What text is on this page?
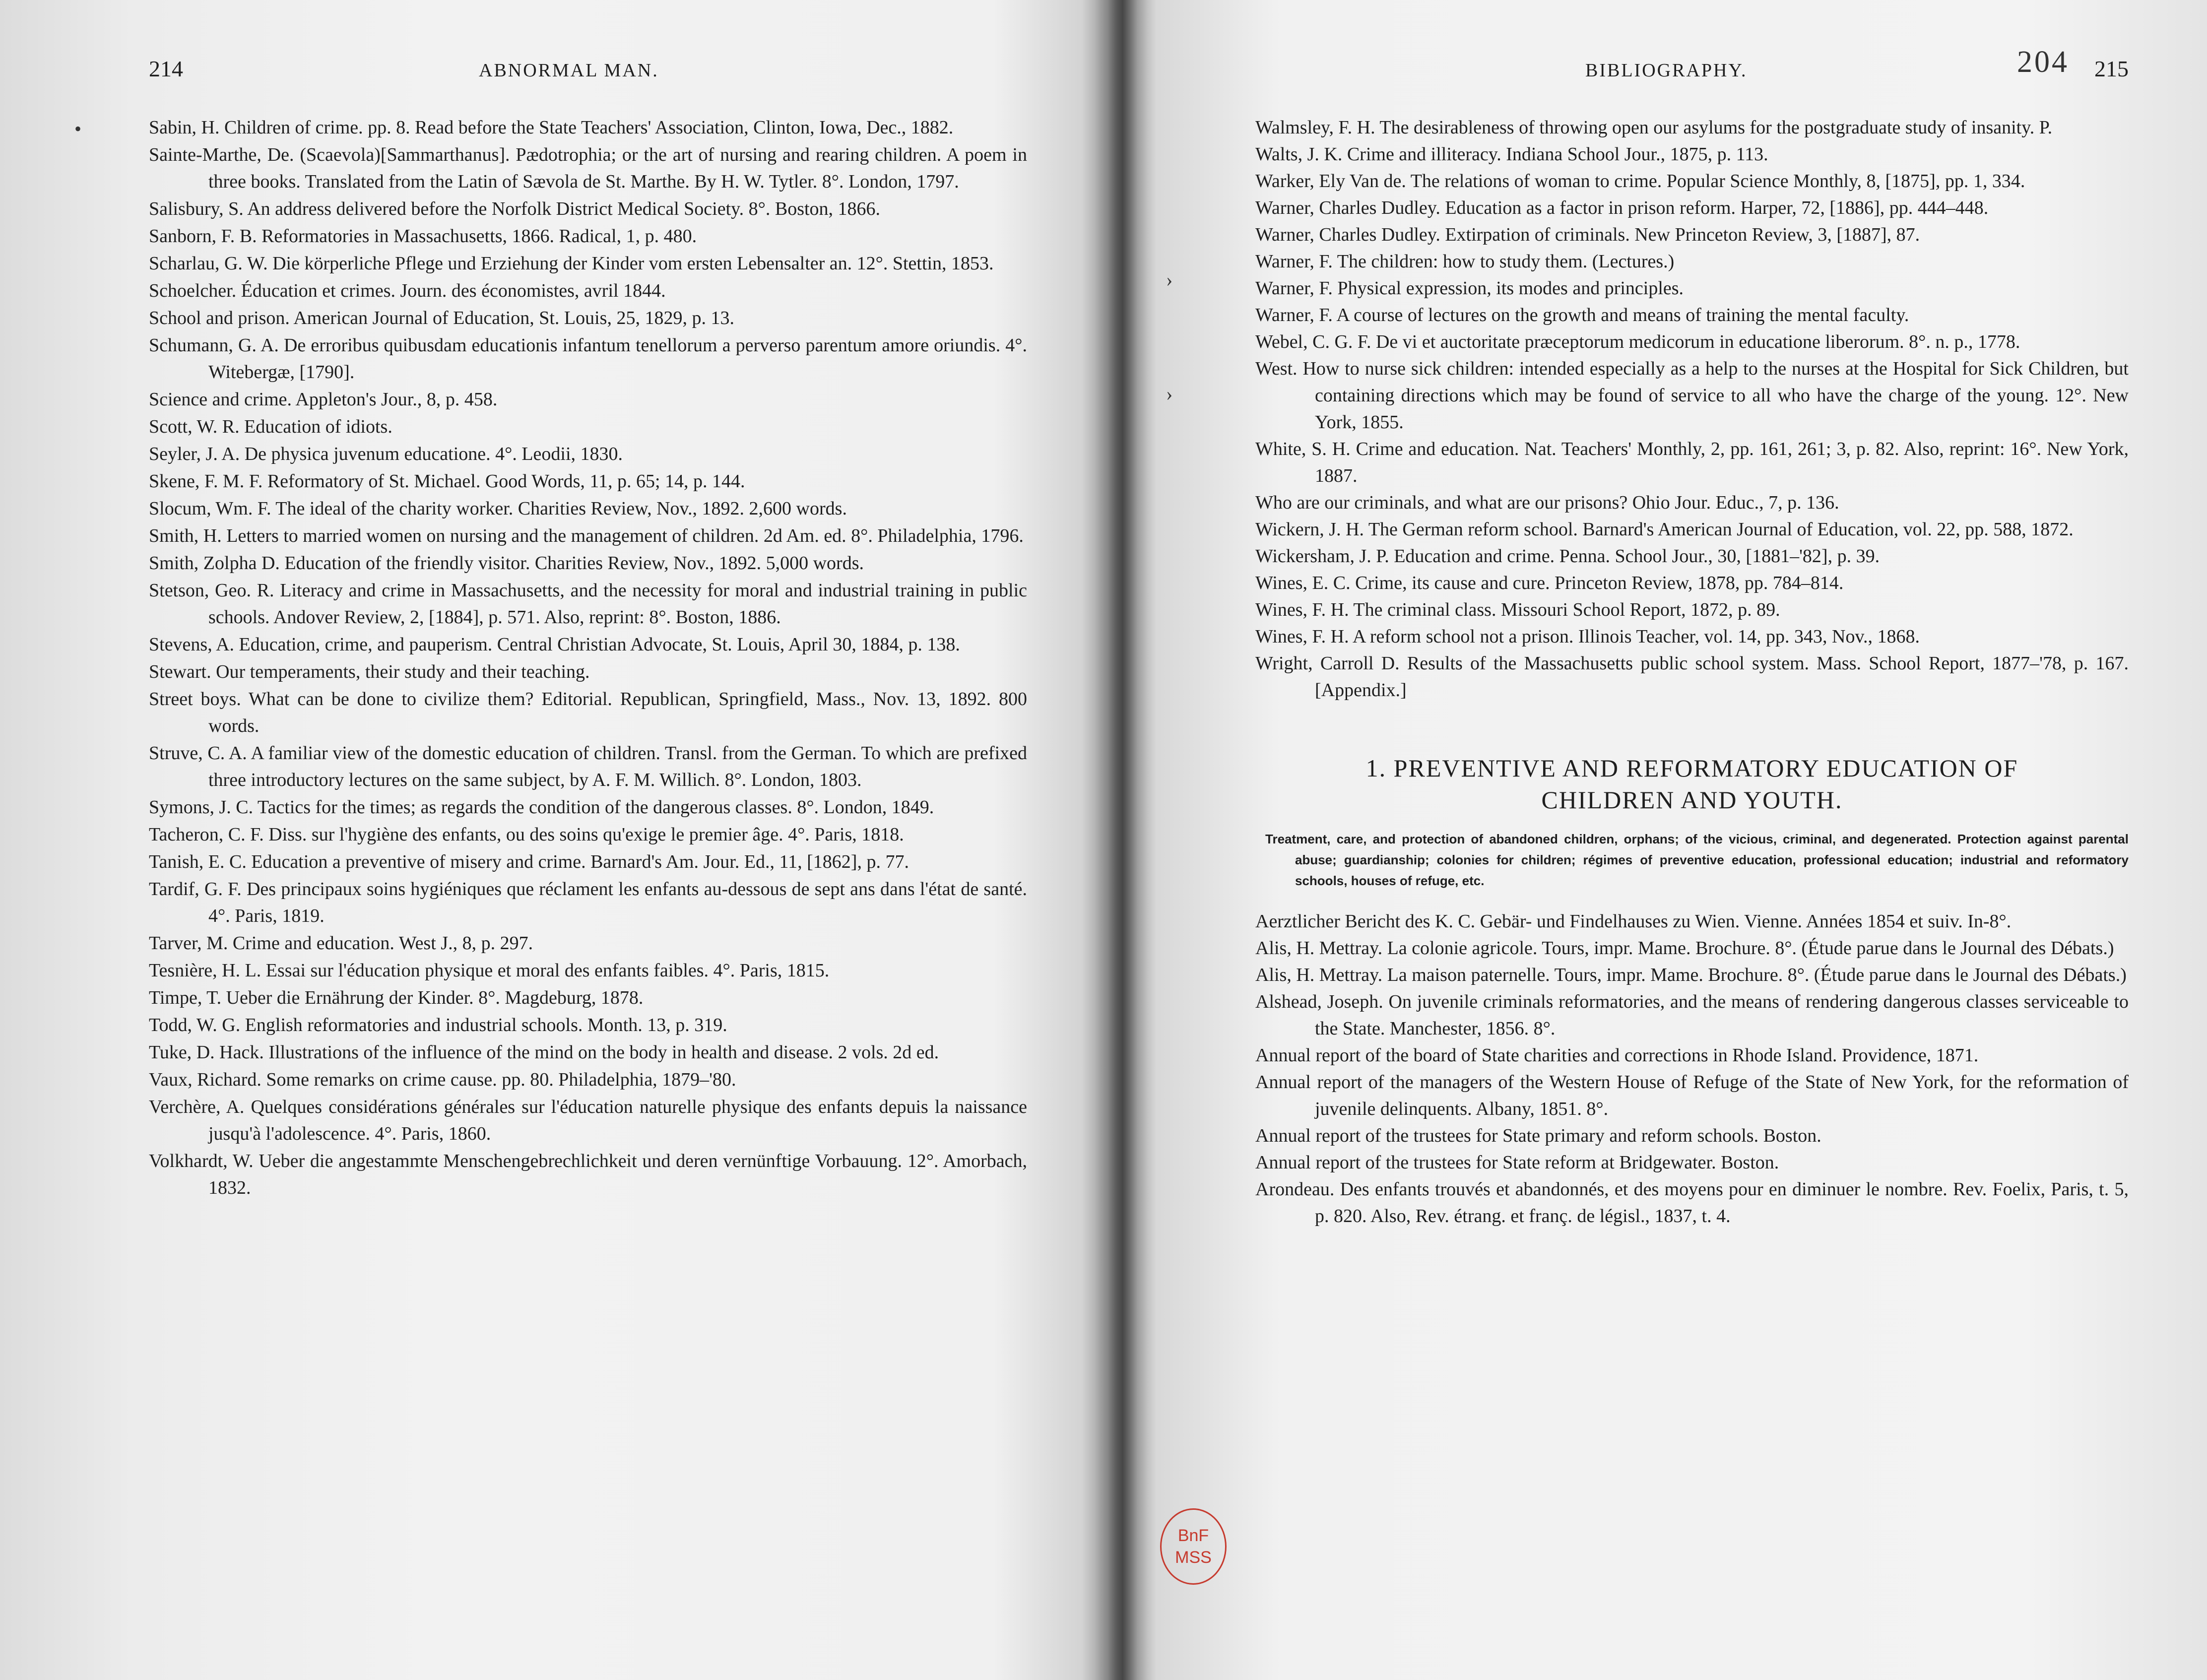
214	ABNORMAL MAN.

Sabin, H. Children of crime. pp. 8. Read before the State Teachers' Association, Clinton, Iowa, Dec., 1882.

Sainte-Marthe, De. (Scaevola)[Sammarthanus]. Pædotrophia; or the art of nursing and rearing children. A poem in three books. Translated from the Latin of Sævola de St. Marthe. By H. W. Tytler. 8°. London, 1797.

Salisbury, S. An address delivered before the Norfolk District Medical Society. 8°. Boston, 1866.

Sanborn, F. B. Reformatories in Massachusetts, 1866. Radical, 1, p. 480.

Scharlau, G. W. Die körperliche Pflege und Erziehung der Kinder vom ersten Lebensalter an. 12°. Stettin, 1853.

Schoelcher. Éducation et crimes. Journ. des économistes, avril 1844.

School and prison. American Journal of Education, St. Louis, 25, 1829, p. 13.

Schumann, G. A. De erroribus quibusdam educationis infantum tenellorum a perverso parentum amore oriundis. 4°. Witebergæ, [1790].

Science and crime. Appleton's Jour., 8, p. 458.

Scott, W. R. Education of idiots.

Seyler, J. A. De physica juvenum educatione. 4°. Leodii, 1830.

Skene, F. M. F. Reformatory of St. Michael. Good Words, 11, p. 65; 14, p. 144.

Slocum, Wm. F. The ideal of the charity worker. Charities Review, Nov., 1892. 2,600 words.

Smith, H. Letters to married women on nursing and the management of children. 2d Am. ed. 8°. Philadelphia, 1796.

Smith, Zolpha D. Education of the friendly visitor. Charities Review, Nov., 1892. 5,000 words.

Stetson, Geo. R. Literacy and crime in Massachusetts, and the necessity for moral and industrial training in public schools. Andover Review, 2, [1884], p. 571. Also, reprint: 8°. Boston, 1886.

Stevens, A. Education, crime, and pauperism. Central Christian Advocate, St. Louis, April 30, 1884, p. 138.

Stewart. Our temperaments, their study and their teaching.

Street boys. What can be done to civilize them? Editorial. Republican, Springfield, Mass., Nov. 13, 1892. 800 words.

Struve, C. A. A familiar view of the domestic education of children. Transl. from the German. To which are prefixed three introductory lectures on the same subject, by A. F. M. Willich. 8°. London, 1803.

Symons, J. C. Tactics for the times; as regards the condition of the dangerous classes. 8°. London, 1849.

Tacheron, C. F. Diss. sur l'hygiène des enfants, ou des soins qu'exige le premier âge. 4°. Paris, 1818.

Tanish, E. C. Education a preventive of misery and crime. Barnard's Am. Jour. Ed., 11, [1862], p. 77.

Tardif, G. F. Des principaux soins hygiéniques que réclament les enfants au-dessous de sept ans dans l'état de santé. 4°. Paris, 1819.

Tarver, M. Crime and education. West J., 8, p. 297.

Tesnière, H. L. Essai sur l'éducation physique et moral des enfants faibles. 4°. Paris, 1815.

Timpe, T. Ueber die Ernährung der Kinder. 8°. Magdeburg, 1878.

Todd, W. G. English reformatories and industrial schools. Month. 13, p. 319.

Tuke, D. Hack. Illustrations of the influence of the mind on the body in health and disease. 2 vols. 2d ed.

Vaux, Richard. Some remarks on crime cause. pp. 80. Philadelphia, 1879–'80.

Verchère, A. Quelques considérations générales sur l'éducation naturelle physique des enfants depuis la naissance jusqu'à l'adolescence. 4°. Paris, 1860.

Volkhardt, W. Ueber die angestammte Menschengebrechlichkeit und deren vernünftige Vorbauung. 12°. Amorbach, 1832.

BIBLIOGRAPHY.	204 215

Walmsley, F. H. The desirableness of throwing open our asylums for the postgraduate study of insanity. P.

Walts, J. K. Crime and illiteracy. Indiana School Jour., 1875, p. 113.

Warker, Ely Van de. The relations of woman to crime. Popular Science Monthly, 8, [1875], pp. 1, 334.

Warner, Charles Dudley. Education as a factor in prison reform. Harper, 72, [1886], pp. 444–448.

Warner, Charles Dudley. Extirpation of criminals. New Princeton Review, 3, [1887], 87.

Warner, F. The children: how to study them. (Lectures.)

Warner, F. Physical expression, its modes and principles.

Warner, F. A course of lectures on the growth and means of training the mental faculty.

Webel, C. G. F. De vi et auctoritate præceptorum medicorum in educatione liberorum. 8°. n. p., 1778.

West. How to nurse sick children: intended especially as a help to the nurses at the Hospital for Sick Children, but containing directions which may be found of service to all who have the charge of the young. 12°. New York, 1855.

White, S. H. Crime and education. Nat. Teachers' Monthly, 2, pp. 161, 261; 3, p. 82. Also, reprint: 16°. New York, 1887.

Who are our criminals, and what are our prisons? Ohio Jour. Educ., 7, p. 136.

Wickern, J. H. The German reform school. Barnard's American Journal of Education, vol. 22, pp. 588, 1872.

Wickersham, J. P. Education and crime. Penna. School Jour., 30, [1881–'82], p. 39.

Wines, E. C. Crime, its cause and cure. Princeton Review, 1878, pp. 784–814.

Wines, F. H. The criminal class. Missouri School Report, 1872, p. 89.

Wines, F. H. A reform school not a prison. Illinois Teacher, vol. 14, pp. 343, Nov., 1868.

Wright, Carroll D. Results of the Massachusetts public school system. Mass. School Report, 1877–'78, p. 167. [Appendix.]

1. PREVENTIVE AND REFORMATORY EDUCATION OF
CHILDREN AND YOUTH.

Treatment, care, and protection of abandoned children, orphans; of the vicious, criminal, and degenerated. Protection against parental abuse; guardianship; colonies for children; régimes of preventive education, professional education; industrial and reformatory schools, houses of refuge, etc.

Aerztlicher Bericht des K. C. Gebär- und Findelhauses zu Wien. Vienne. Années 1854 et suiv. In-8°.

Alis, H. Mettray. La colonie agricole. Tours, impr. Mame. Brochure. 8°. (Étude parue dans le Journal des Débats.)

Alis, H. Mettray. La maison paternelle. Tours, impr. Mame. Brochure. 8°. (Étude parue dans le Journal des Débats.)

Alshead, Joseph. On juvenile criminals reformatories, and the means of rendering dangerous classes serviceable to the State. Manchester, 1856. 8°.

Annual report of the board of State charities and corrections in Rhode Island. Providence, 1871.

Annual report of the managers of the Western House of Refuge of the State of New York, for the reformation of juvenile delinquents. Albany, 1851. 8°.

Annual report of the trustees for State primary and reform schools. Boston.

Annual report of the trustees for State reform at Bridgewater. Boston.

Arondeau. Des enfants trouvés et abandonnés, et des moyens pour en diminuer le nombre. Rev. Foelix, Paris, t. 5, p. 820. Also, Rev. étrang. et franç. de législ., 1837, t. 4.

•
›
›
BnF
MSS
